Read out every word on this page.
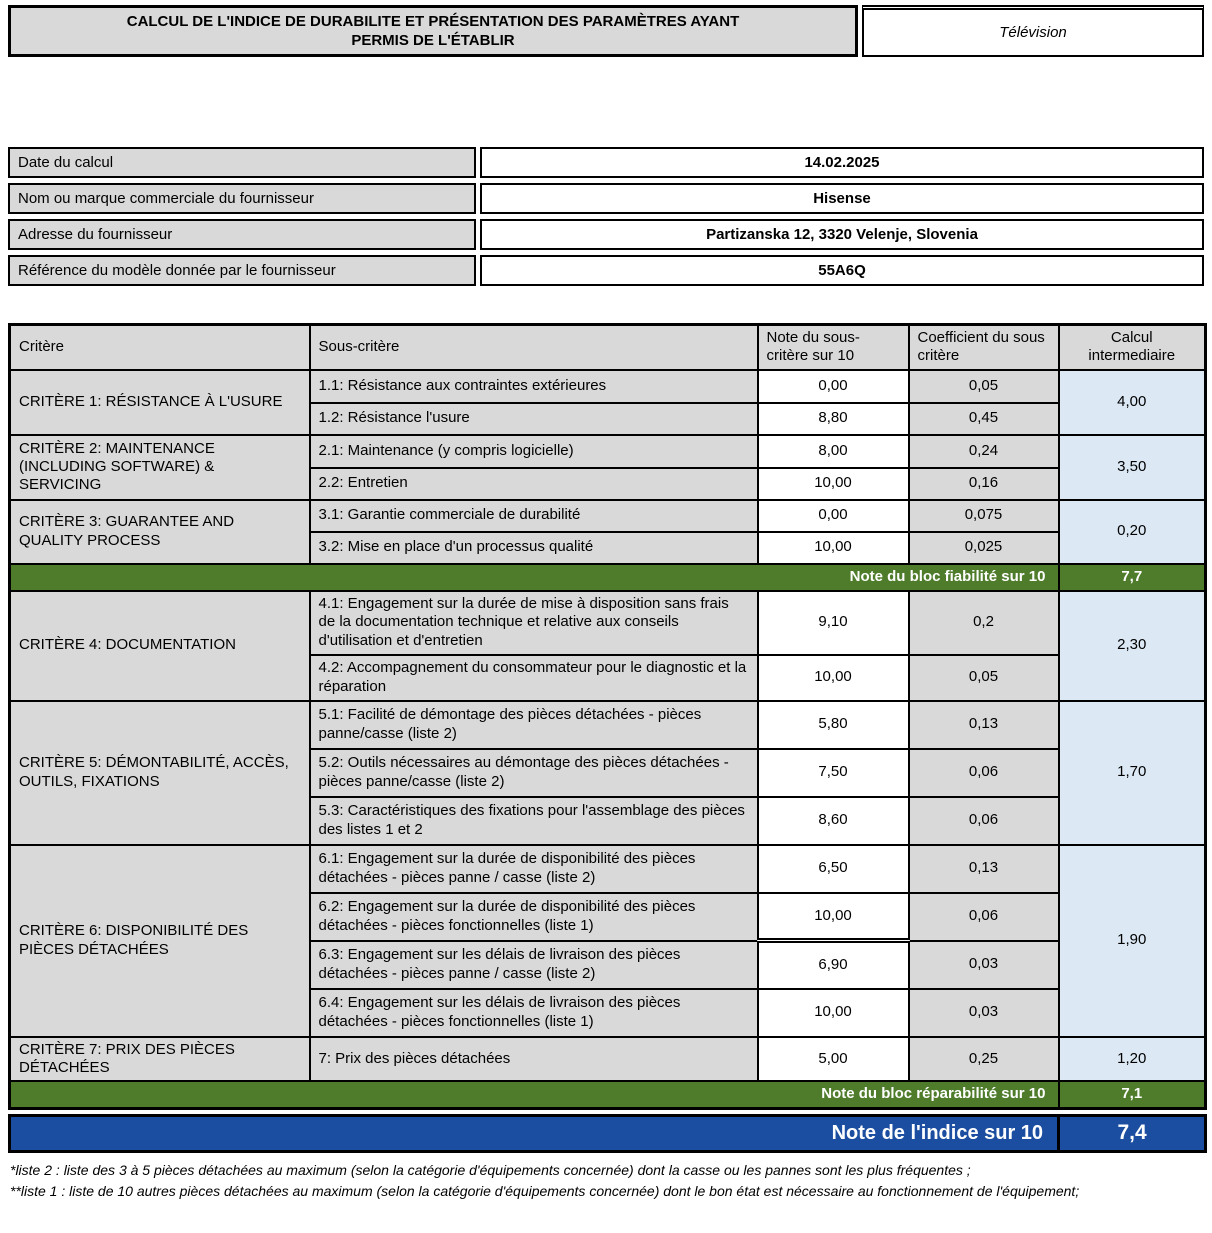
CALCUL DE L'INDICE DE DURABILITE ET PRÉSENTATION DES PARAMÈTRES AYANT PERMIS DE L'ÉTABLIR	Télévision
Date du calcul	14.02.2025
Nom ou marque commerciale du fournisseur	Hisense
Adresse du fournisseur	Partizanska 12, 3320 Velenje, Slovenia
Référence du modèle donnée par le fournisseur	55A6Q
Critère	Sous-critère	Note du sous-critère sur 10	Coefficient du sous critère	Calcul intermediaire
CRITÈRE 1: RÉSISTANCE À L'USURE	1.1: Résistance aux contraintes extérieures	0,00	0,05	4,00
	1.2: Résistance l'usure	8,80	0,45	
CRITÈRE 2: MAINTENANCE (INCLUDING SOFTWARE) & SERVICING	2.1: Maintenance (y compris logicielle)	8,00	0,24	3,50
	2.2: Entretien	10,00	0,16	
CRITÈRE 3: GUARANTEE AND QUALITY PROCESS	3.1: Garantie commerciale de durabilité	0,00	0,075	0,20
	3.2: Mise en place d'un processus qualité	10,00	0,025	
Note du bloc fiabilité sur 10				7,7
CRITÈRE 4: DOCUMENTATION	4.1: Engagement sur la durée de mise à disposition sans frais de la documentation technique et relative aux conseils d'utilisation et d'entretien	9,10	0,2	2,30
	4.2: Accompagnement du consommateur pour le diagnostic et la réparation	10,00	0,05	
CRITÈRE 5: DÉMONTABILITÉ, ACCÈS, OUTILS, FIXATIONS	5.1: Facilité de démontage des pièces détachées - pièces panne/casse (liste 2)	5,80	0,13	1,70
	5.2: Outils nécessaires au démontage des pièces détachées - pièces panne/casse (liste 2)	7,50	0,06	
	5.3: Caractéristiques des fixations pour l'assemblage des pièces des listes 1 et 2	8,60	0,06	
CRITÈRE 6: DISPONIBILITÉ DES PIÈCES DÉTACHÉES	6.1: Engagement sur la durée de disponibilité des pièces détachées - pièces panne / casse (liste 2)	6,50	0,13	1,90
	6.2: Engagement sur la durée de disponibilité des pièces détachées - pièces fonctionnelles (liste 1)	10,00	0,06	
	6.3: Engagement sur les délais de livraison des pièces détachées - pièces panne / casse (liste 2)	6,90	0,03	
	6.4: Engagement sur les délais de livraison des pièces détachées - pièces fonctionnelles (liste 1)	10,00	0,03	
CRITÈRE 7: PRIX DES PIÈCES DÉTACHÉES	7: Prix des pièces détachées	5,00	0,25	1,20
Note du bloc réparabilité sur 10				7,1
Note de l'indice sur 10	7,4
*liste 2 : liste des 3 à 5 pièces détachées au maximum (selon la catégorie d'équipements concernée) dont la casse ou les pannes sont les plus fréquentes ;
**liste 1 : liste de 10 autres pièces détachées au maximum (selon la catégorie d'équipements concernée) dont le bon état est nécessaire au fonctionnement de l'équipement;
